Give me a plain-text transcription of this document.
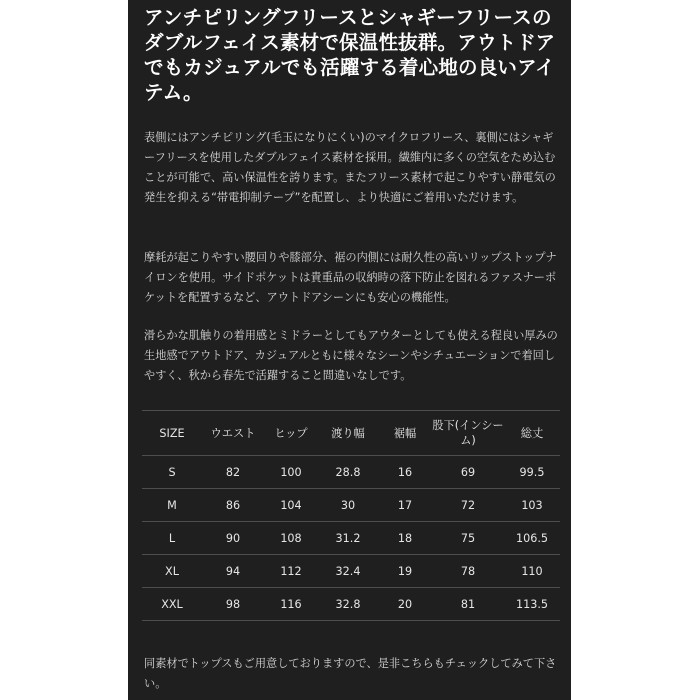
アンチピリングフリースとシャギーフリースのダブルフェイス素材で保温性抜群。アウトドアでもカジュアルでも活躍する着心地の良いアイテム。

表側にはアンチピリング(毛玉になりにくい)のマイクロフリース、裏側にはシャギーフリースを使用したダブルフェイス素材を採用。繊維内に多くの空気をため込むことが可能で、高い保温性を誇ります。またフリース素材で起こりやすい静電気の発生を抑える“帯電抑制テープ”を配置し、より快適にご着用いただけます。

摩耗が起こりやすい腰回りや膝部分、裾の内側には耐久性の高いリップストップナイロンを使用。サイドポケットは貴重品の収納時の落下防止を図れるファスナーポケットを配置するなど、アウトドアシーンにも安心の機能性。

滑らかな肌触りの着用感とミドラーとしてもアウターとしても使える程良い厚みの生地感でアウトドア、カジュアルともに様々なシーンやシチュエーションで着回しやすく、秋から春先で活躍すること間違いなしです。

SIZE	ウエスト	ヒップ	渡り幅	裾幅	股下(インシーム)	総丈
S	82	100	28.8	16	69	99.5
M	86	104	30	17	72	103
L	90	108	31.2	18	75	106.5
XL	94	112	32.4	19	78	110
XXL	98	116	32.8	20	81	113.5

同素材でトップスもご用意しておりますので、是非こちらもチェックしてみて下さい。
